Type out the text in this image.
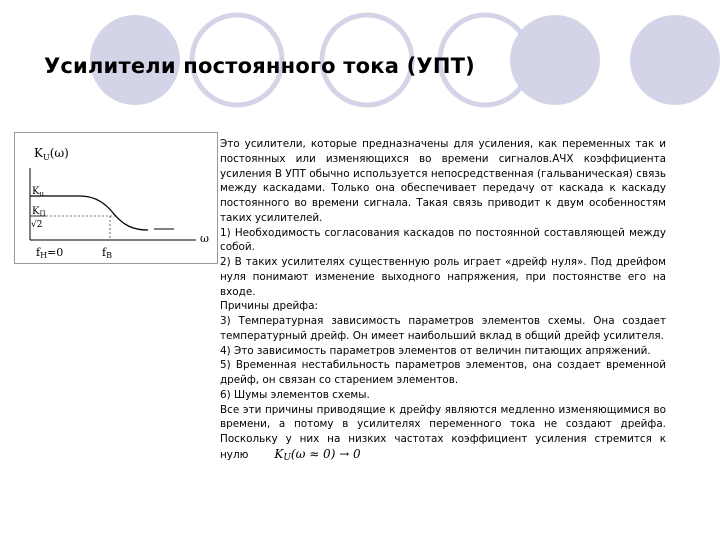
Усилители постоянного тока (УПТ)
$K_U(\omega)$
$K_u$
$K_П$
√2
ω
fH=0	fB

Это усилители, которые предназначены для усиления, как переменных так и постоянных или изменяющихся во времени сигналов.АЧХ коэффициента усиления В УПТ обычно используется непосредственная (гальваническая) связь между каскадами. Только она обеспечивает передачу от каскада к каскаду постоянного во времени сигнала. Такая связь приводит к двум особенностям таких усилителей.

1) Необходимость согласования каскадов по постоянной составляющей между собой.

2) В таких усилителях существенную роль играет «дрейф нуля». Под дрейфом нуля понимают изменение выходного напряжения, при постоянстве его на входе.

Причины дрейфа:

3) Температурная зависимость параметров элементов схемы. Она создает температурный дрейф. Он имеет наибольший вклад в общий дрейф усилителя.

4) Это зависимость параметров элементов от величин питающих апряжений.

5) Временная нестабильность параметров элементов, она создает временной дрейф, он связан со старением элементов.

6) Шумы элементов схемы.

Все эти причины приводящие к дрейфу являются медленно изменяющимися во времени, а потому в усилителях переменного тока не создают дрейфа. Поскольку у них на низких частотах коэффициент усиления стремится к нулю $K_U(\omega \approx 0) \to 0$
